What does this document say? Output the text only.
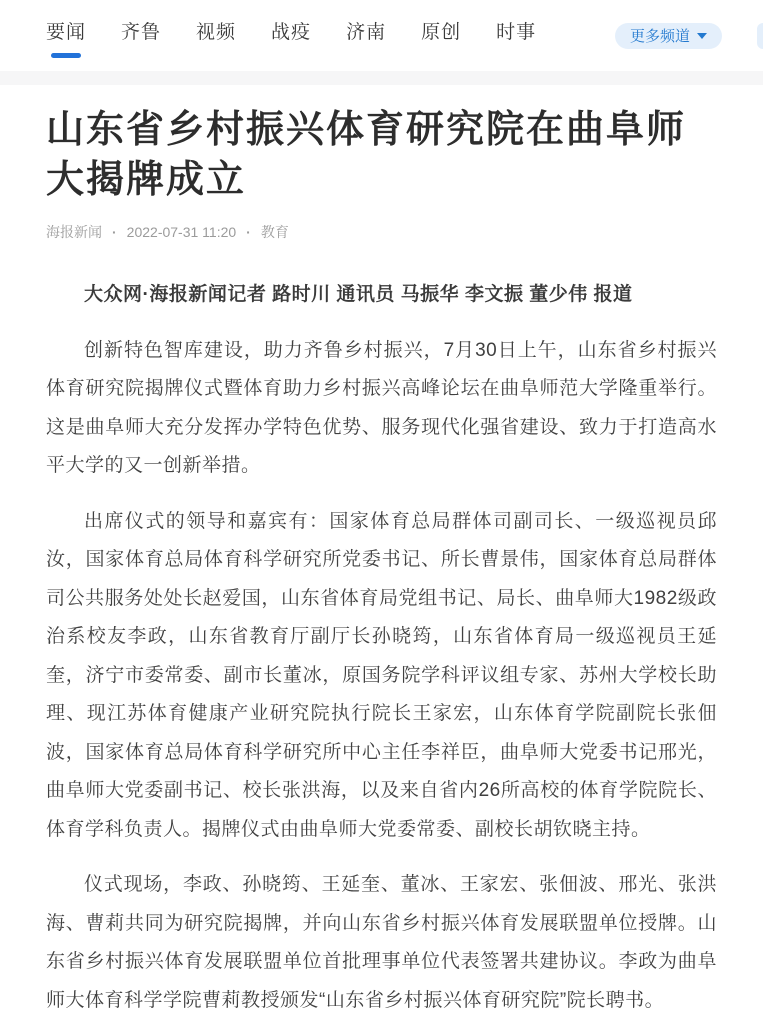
要闻 齐鲁 视频 战疫 济南 原创 时事	更多频道
山东省乡村振兴体育研究院在曲阜师大揭牌成立
海报新闻 · 2022-07-31 11:20 · 教育

大众网·海报新闻记者 路时川 通讯员 马振华 李文振 董少伟 报道

创新特色智库建设，助力齐鲁乡村振兴，7月30日上午，山东省乡村振兴体育研究院揭牌仪式暨体育助力乡村振兴高峰论坛在曲阜师范大学隆重举行。这是曲阜师大充分发挥办学特色优势、服务现代化强省建设、致力于打造高水平大学的又一创新举措。

出席仪式的领导和嘉宾有：国家体育总局群体司副司长、一级巡视员邱汝，国家体育总局体育科学研究所党委书记、所长曹景伟，国家体育总局群体司公共服务处处长赵爱国，山东省体育局党组书记、局长、曲阜师大1982级政治系校友李政，山东省教育厅副厅长孙晓筠，山东省体育局一级巡视员王延奎，济宁市委常委、副市长董冰，原国务院学科评议组专家、苏州大学校长助理、现江苏体育健康产业研究院执行院长王家宏，山东体育学院副院长张佃波，国家体育总局体育科学研究所中心主任李祥臣，曲阜师大党委书记邢光，曲阜师大党委副书记、校长张洪海，以及来自省内26所高校的体育学院院长、体育学科负责人。揭牌仪式由曲阜师大党委常委、副校长胡钦晓主持。

仪式现场，李政、孙晓筠、王延奎、董冰、王家宏、张佃波、邢光、张洪海、曹莉共同为研究院揭牌，并向山东省乡村振兴体育发展联盟单位授牌。山东省乡村振兴体育发展联盟单位首批理事单位代表签署共建协议。李政为曲阜师大体育科学学院曹莉教授颁发“山东省乡村振兴体育研究院”院长聘书。
